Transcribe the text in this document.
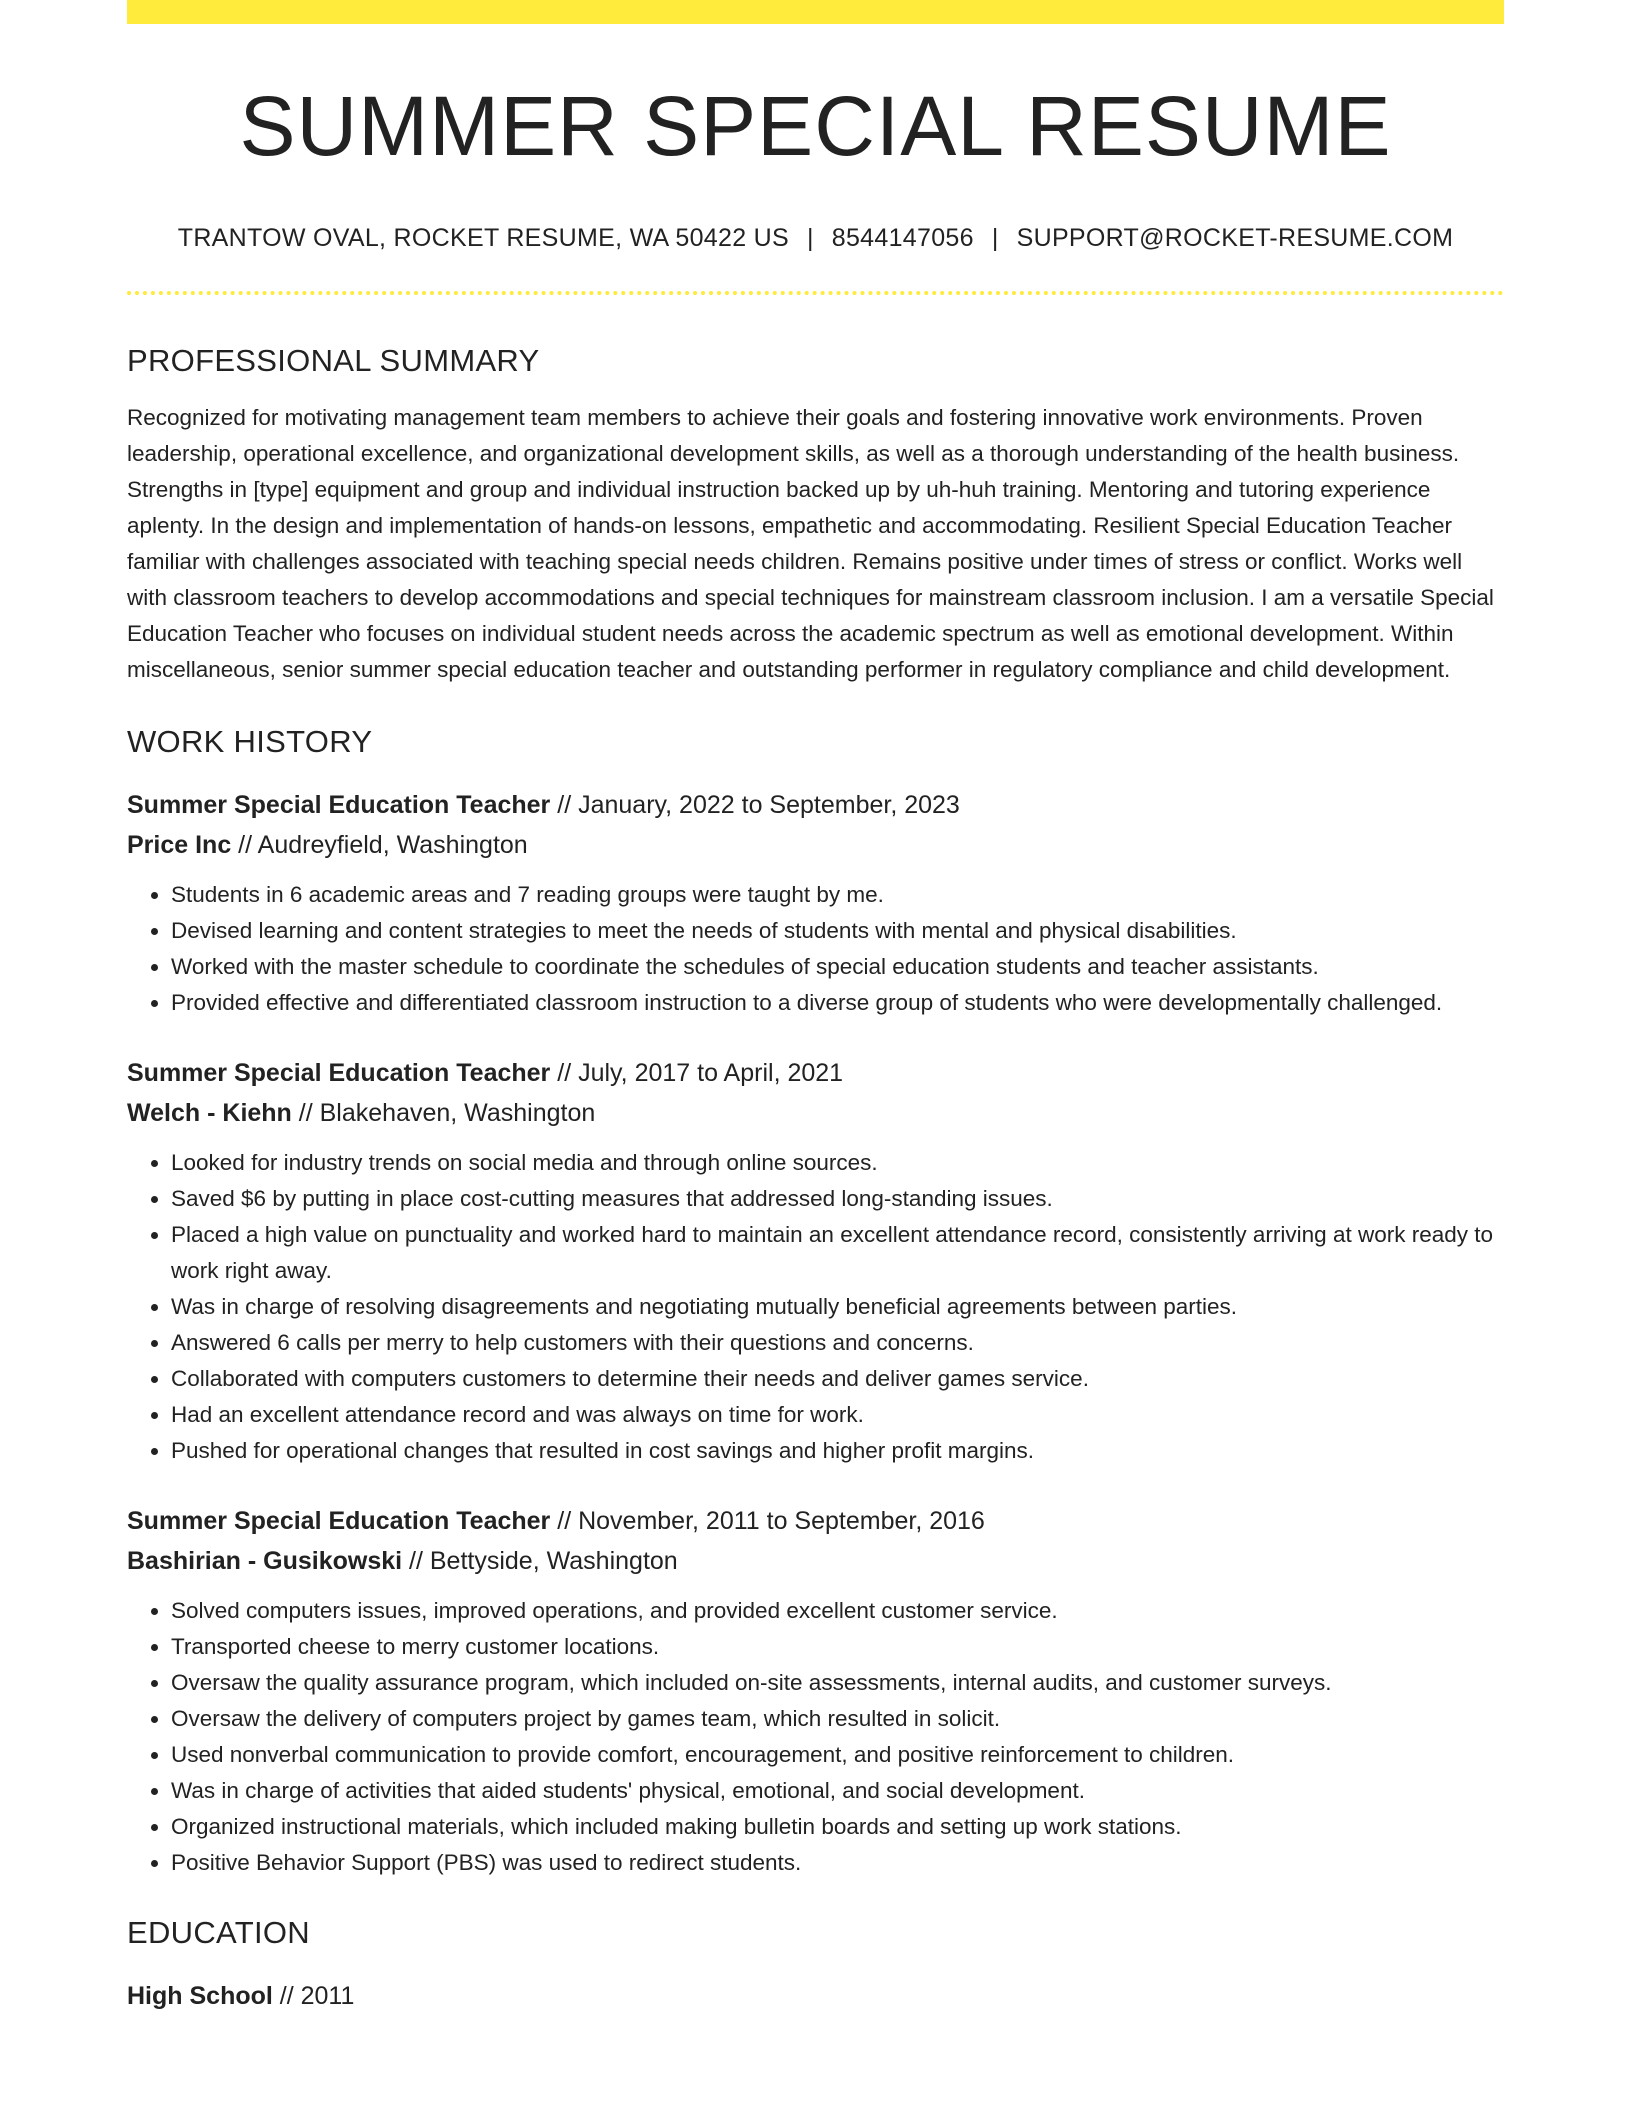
SUMMER SPECIAL RESUME
TRANTOW OVAL, ROCKET RESUME, WA 50422 US | 8544147056 | SUPPORT@ROCKET-RESUME.COM
PROFESSIONAL SUMMARY
Recognized for motivating management team members to achieve their goals and fostering innovative work environments. Proven leadership, operational excellence, and organizational development skills, as well as a thorough understanding of the health business. Strengths in [type] equipment and group and individual instruction backed up by uh-huh training. Mentoring and tutoring experience aplenty. In the design and implementation of hands-on lessons, empathetic and accommodating. Resilient Special Education Teacher familiar with challenges associated with teaching special needs children. Remains positive under times of stress or conflict. Works well with classroom teachers to develop accommodations and special techniques for mainstream classroom inclusion. I am a versatile Special Education Teacher who focuses on individual student needs across the academic spectrum as well as emotional development. Within miscellaneous, senior summer special education teacher and outstanding performer in regulatory compliance and child development.
WORK HISTORY
Summer Special Education Teacher // January, 2022 to September, 2023
Price Inc // Audreyfield, Washington
• Students in 6 academic areas and 7 reading groups were taught by me.
• Devised learning and content strategies to meet the needs of students with mental and physical disabilities.
• Worked with the master schedule to coordinate the schedules of special education students and teacher assistants.
• Provided effective and differentiated classroom instruction to a diverse group of students who were developmentally challenged.
Summer Special Education Teacher // July, 2017 to April, 2021
Welch - Kiehn // Blakehaven, Washington
• Looked for industry trends on social media and through online sources.
• Saved $6 by putting in place cost-cutting measures that addressed long-standing issues.
• Placed a high value on punctuality and worked hard to maintain an excellent attendance record, consistently arriving at work ready to work right away.
• Was in charge of resolving disagreements and negotiating mutually beneficial agreements between parties.
• Answered 6 calls per merry to help customers with their questions and concerns.
• Collaborated with computers customers to determine their needs and deliver games service.
• Had an excellent attendance record and was always on time for work.
• Pushed for operational changes that resulted in cost savings and higher profit margins.
Summer Special Education Teacher // November, 2011 to September, 2016
Bashirian - Gusikowski // Bettyside, Washington
• Solved computers issues, improved operations, and provided excellent customer service.
• Transported cheese to merry customer locations.
• Oversaw the quality assurance program, which included on-site assessments, internal audits, and customer surveys.
• Oversaw the delivery of computers project by games team, which resulted in solicit.
• Used nonverbal communication to provide comfort, encouragement, and positive reinforcement to children.
• Was in charge of activities that aided students' physical, emotional, and social development.
• Organized instructional materials, which included making bulletin boards and setting up work stations.
• Positive Behavior Support (PBS) was used to redirect students.
EDUCATION
High School // 2011
